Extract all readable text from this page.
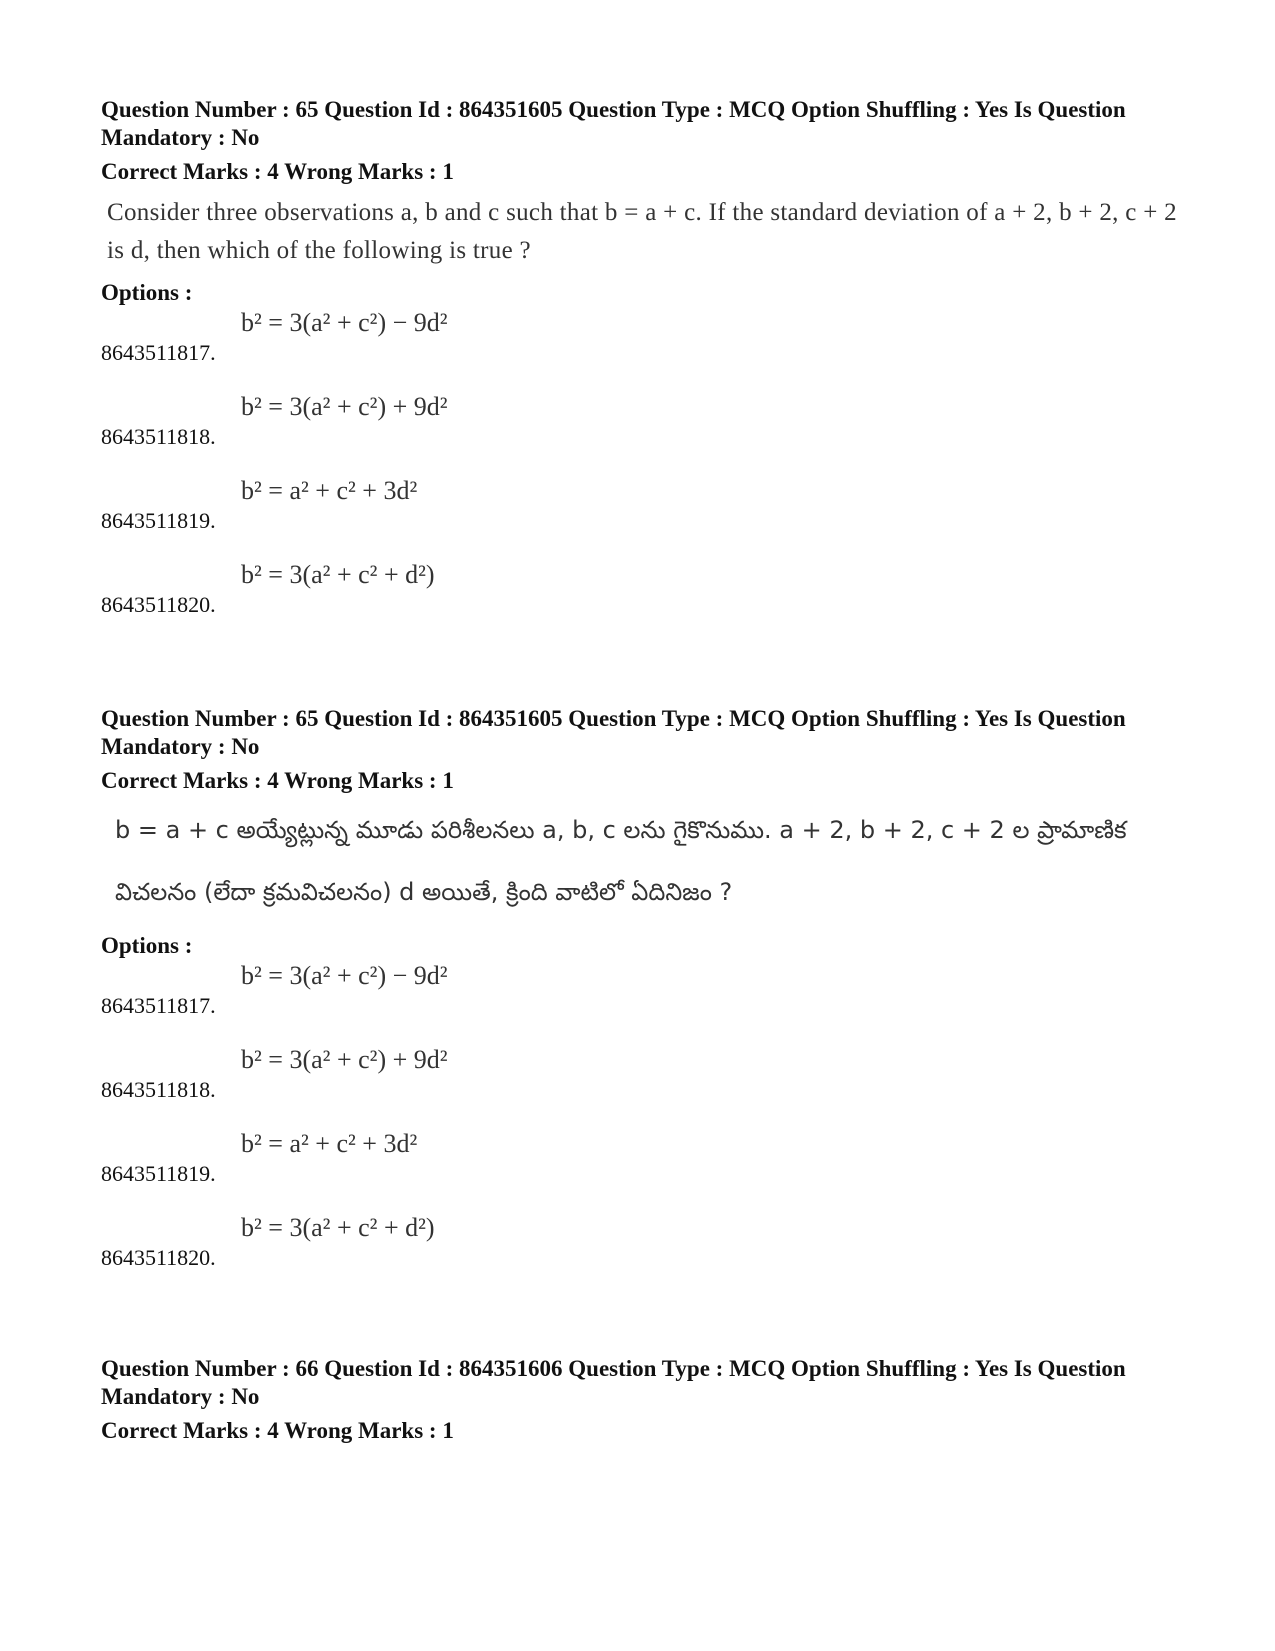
Question Number : 65 Question Id : 864351605 Question Type : MCQ Option Shuffling : Yes Is Question Mandatory : No
Correct Marks : 4 Wrong Marks : 1
Consider three observations a, b and c such that b = a + c. If the standard deviation of a + 2, b + 2, c + 2 is d, then which of the following is true ?
Options :
8643511817.
b² = 3(a² + c²) − 9d²
8643511818.
b² = 3(a² + c²) + 9d²
8643511819.
b² = a² + c² + 3d²
8643511820.
b² = 3(a² + c² + d²)
Question Number : 65 Question Id : 864351605 Question Type : MCQ Option Shuffling : Yes Is Question Mandatory : No
Correct Marks : 4 Wrong Marks : 1
b = a + c అయ్యేట్లున్న మూడు పరిశీలనలు a, b, c లను గైకొనుము. a + 2, b + 2, c + 2 ల ప్రామాణిక విచలనం (లేదా క్రమవిచలనం) d అయితే, క్రింది వాటిలో ఏదినిజం ?
Options :
8643511817.
b² = 3(a² + c²) − 9d²
8643511818.
b² = 3(a² + c²) + 9d²
8643511819.
b² = a² + c² + 3d²
8643511820.
b² = 3(a² + c² + d²)
Question Number : 66 Question Id : 864351606 Question Type : MCQ Option Shuffling : Yes Is Question Mandatory : No
Correct Marks : 4 Wrong Marks : 1
